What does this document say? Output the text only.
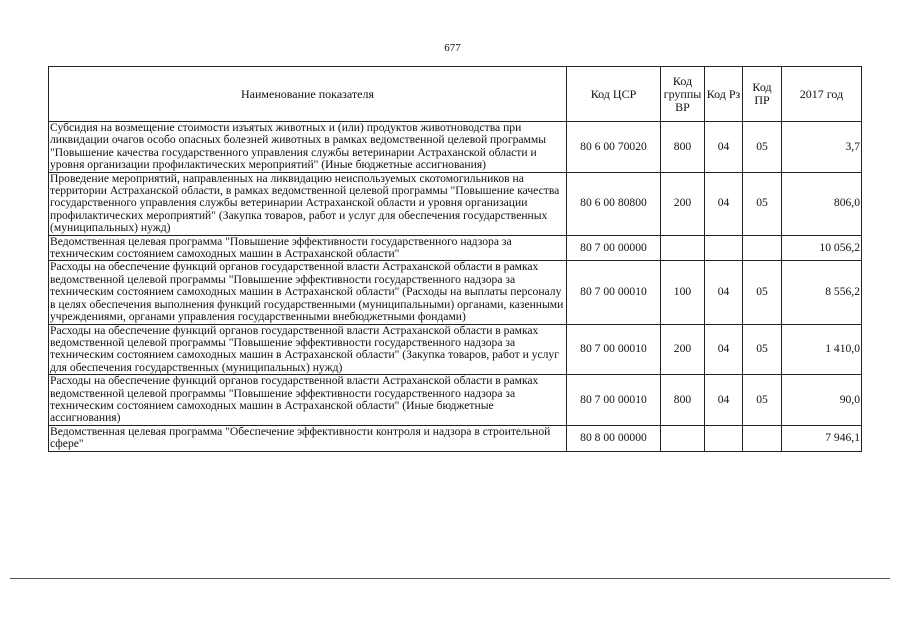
677
Наименование показателя	Код ЦСР	Код группы ВР	Код Рз	Код ПР	2017 год
Субсидия на возмещение стоимости изъятых животных и (или) продуктов животноводства при ликвидации очагов особо опасных болезней животных в рамках ведомственной целевой программы "Повышение качества государственного управления службы ветеринарии Астраханской области и уровня организации профилактических мероприятий" (Иные бюджетные ассигнования)	80 6 00 70020	800	04	05	3,7
Проведение мероприятий, направленных на ликвидацию неиспользуемых скотомогильников на территории Астраханской области, в рамках ведомственной целевой программы "Повышение качества государственного управления службы ветеринарии Астраханской области и уровня организации профилактических мероприятий" (Закупка товаров, работ и услуг для обеспечения государственных (муниципальных) нужд)	80 6 00 80800	200	04	05	806,0
Ведомственная целевая программа "Повышение эффективности государственного надзора за техническим состоянием самоходных машин в Астраханской области"	80 7 00 00000				10 056,2
Расходы на обеспечение функций органов государственной власти Астраханской области в рамках ведомственной целевой программы "Повышение эффективности государственного надзора за техническим состоянием самоходных машин в Астраханской области" (Расходы на выплаты персоналу в целях обеспечения выполнения функций государственными (муниципальными) органами, казенными учреждениями, органами управления государственными внебюджетными фондами)	80 7 00 00010	100	04	05	8 556,2
Расходы на обеспечение функций органов государственной власти Астраханской области в рамках ведомственной целевой программы "Повышение эффективности государственного надзора за техническим состоянием самоходных машин в Астраханской области" (Закупка товаров, работ и услуг для обеспечения государственных (муниципальных) нужд)	80 7 00 00010	200	04	05	1 410,0
Расходы на обеспечение функций органов государственной власти Астраханской области в рамках ведомственной целевой программы "Повышение эффективности государственного надзора за техническим состоянием самоходных машин в Астраханской области" (Иные бюджетные ассигнования)	80 7 00 00010	800	04	05	90,0
Ведомственная целевая программа "Обеспечение эффективности контроля и надзора в строительной сфере"	80 8 00 00000				7 946,1
